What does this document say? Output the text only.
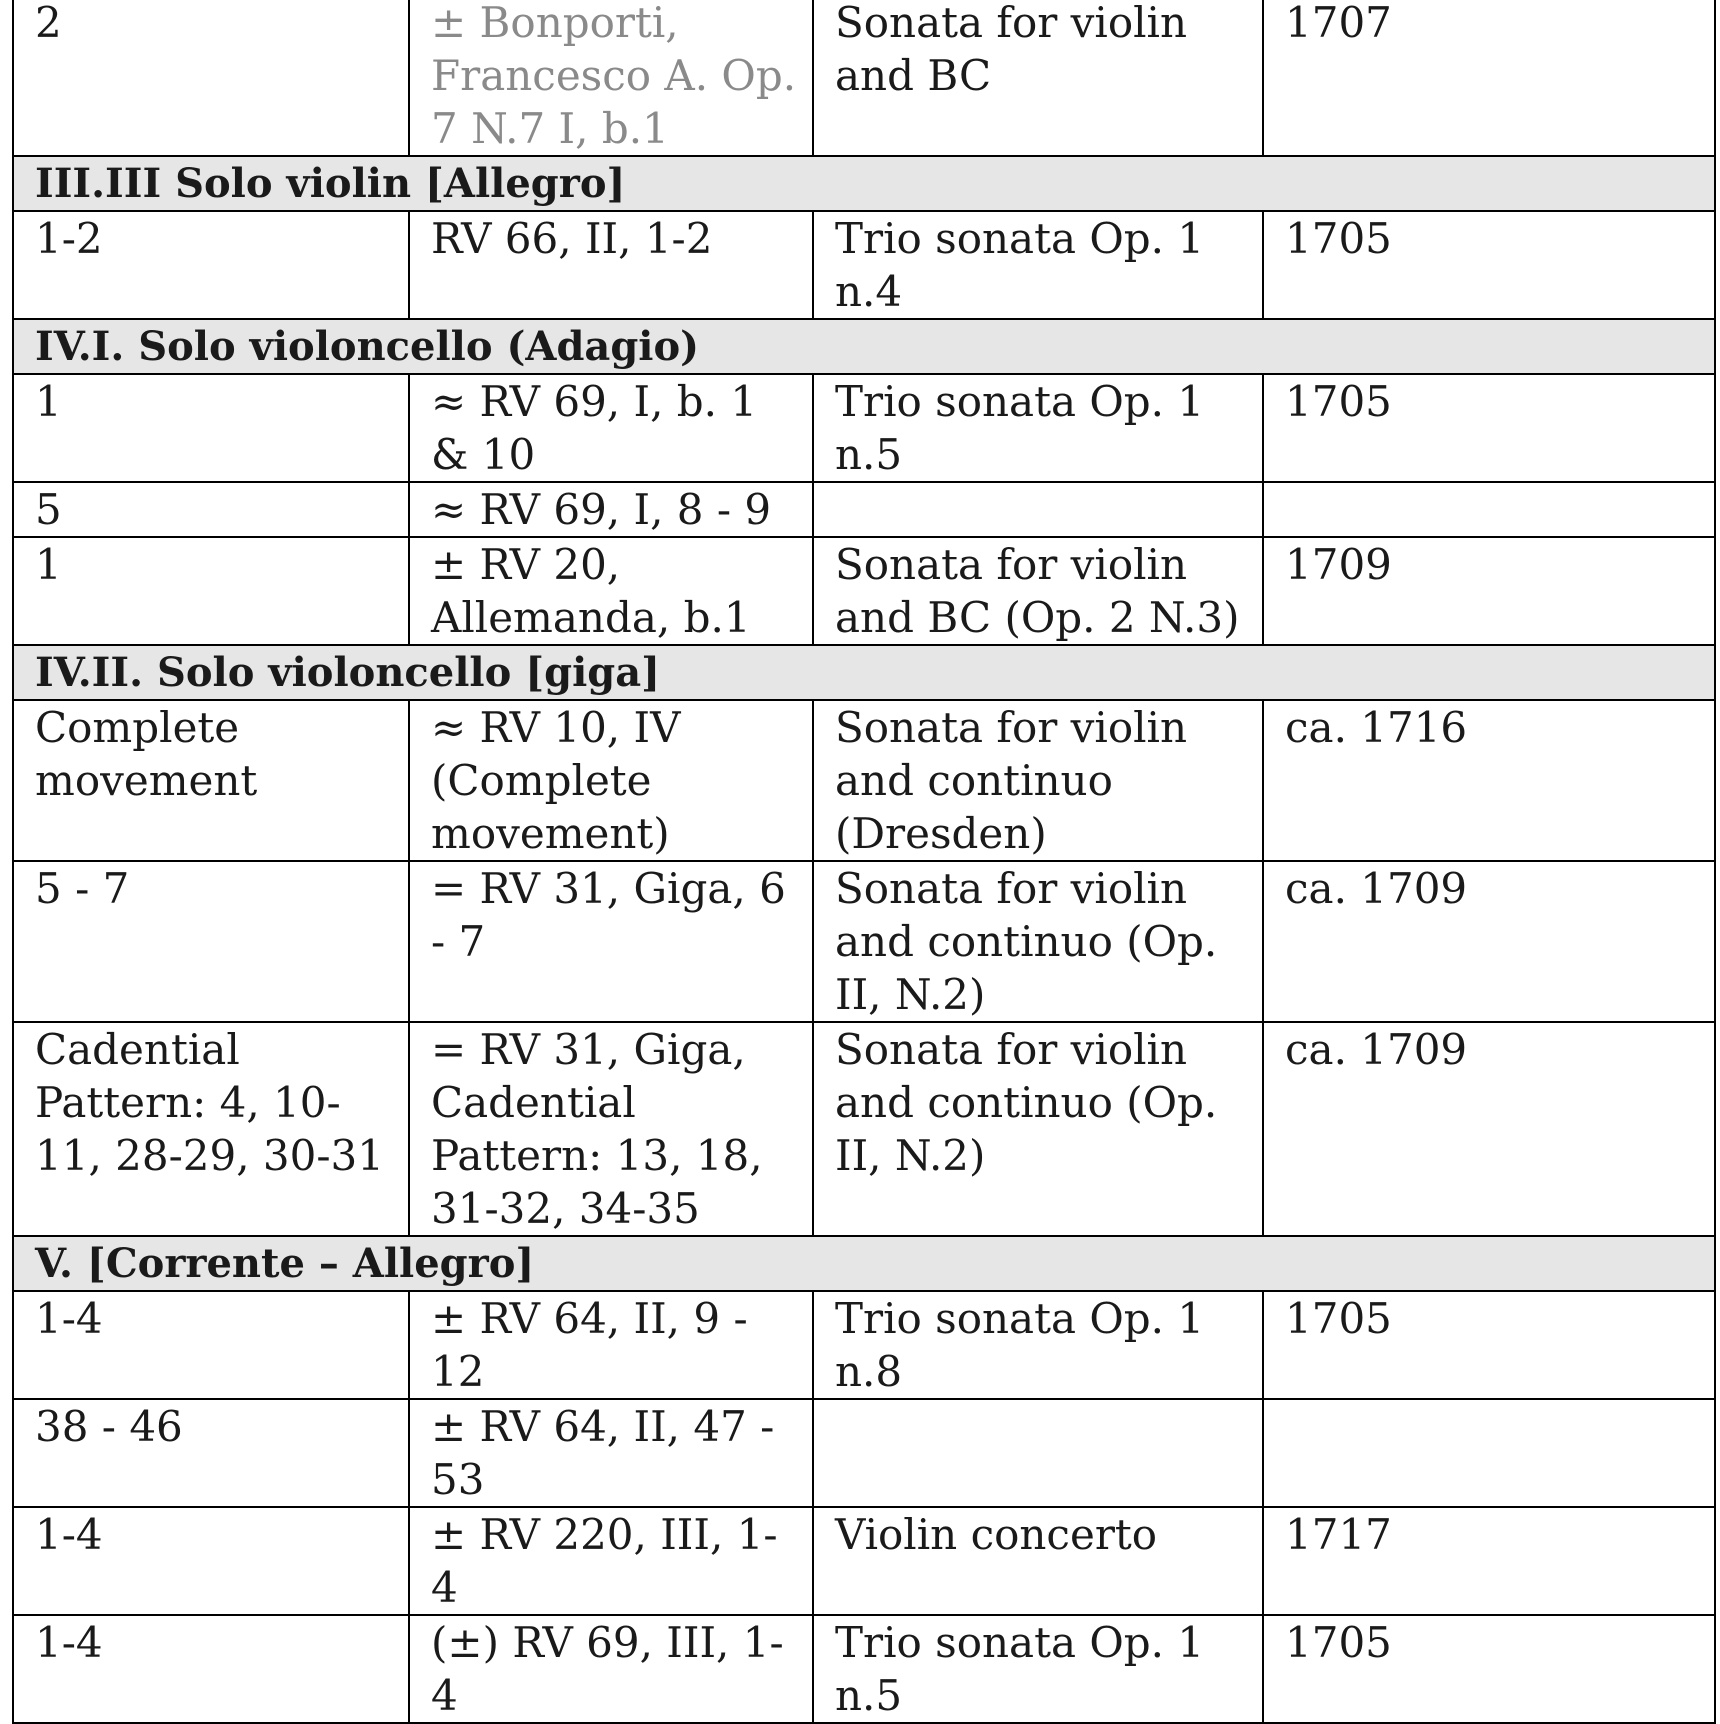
2	± Bonporti, Francesco A. Op. 7 N.7 I, b.1	Sonata for violin and BC	1707
III.III Solo violin [Allegro]			
1-2	RV 66, II, 1-2	Trio sonata Op. 1 n.4	1705
IV.I. Solo violoncello (Adagio)			
1	≈ RV 69, I, b. 1 & 10	Trio sonata Op. 1 n.5	1705
5	≈ RV 69, I, 8 - 9		
1	± RV 20, Allemanda, b.1	Sonata for violin and BC (Op. 2 N.3)	1709
IV.II. Solo violoncello [giga]			
Complete movement	≈ RV 10, IV (Complete movement)	Sonata for violin and continuo (Dresden)	ca. 1716
5 - 7	= RV 31, Giga, 6 - 7	Sonata for violin and continuo (Op. II, N.2)	ca. 1709
Cadential Pattern: 4, 10-11, 28-29, 30-31	= RV 31, Giga, Cadential Pattern: 13, 18, 31-32, 34-35	Sonata for violin and continuo (Op. II, N.2)	ca. 1709
V. [Corrente – Allegro]			
1-4	± RV 64, II, 9 - 12	Trio sonata Op. 1 n.8	1705
38 - 46	± RV 64, II, 47 - 53		
1-4	± RV 220, III, 1-4	Violin concerto	1717
1-4	(±) RV 69, III, 1-4	Trio sonata Op. 1 n.5	1705
